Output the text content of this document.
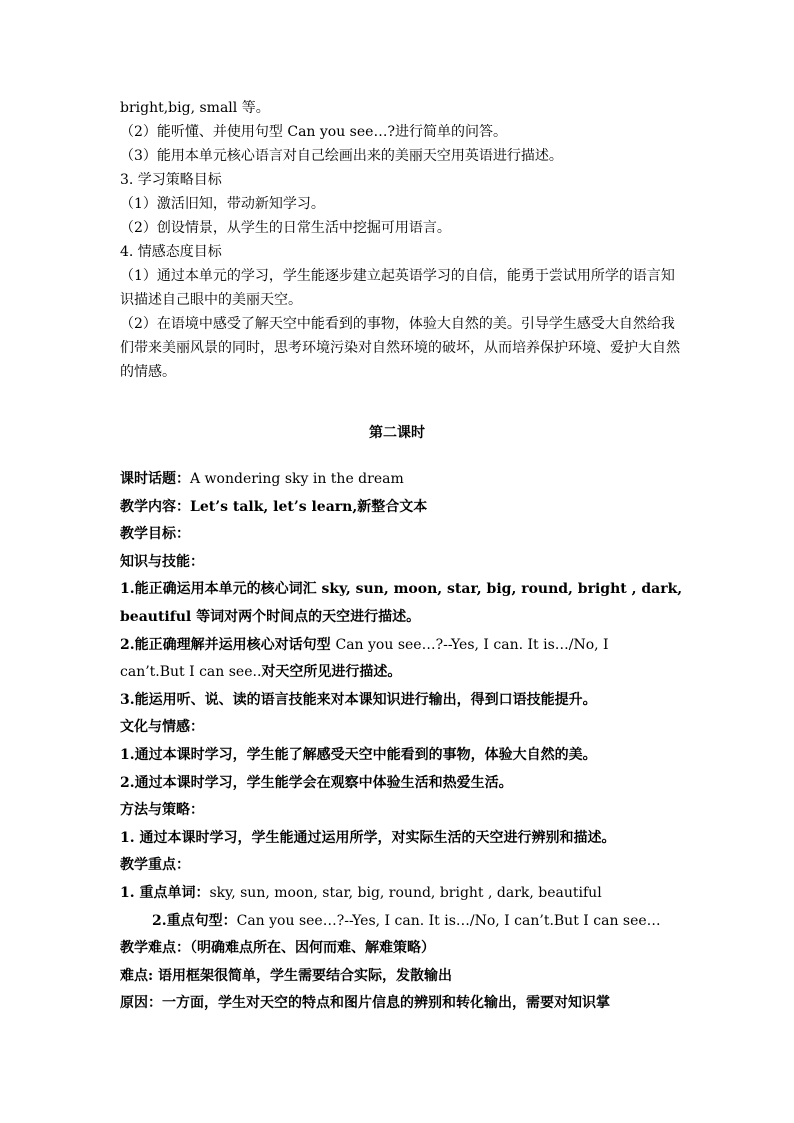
bright,big, small 等。
（2）能听懂、并使用句型 Can you see…?进行简单的问答。
（3）能用本单元核心语言对自己绘画出来的美丽天空用英语进行描述。
3. 学习策略目标
（1）激活旧知，带动新知学习。
（2）创设情景，从学生的日常生活中挖掘可用语言。
4. 情感态度目标
（1）通过本单元的学习，学生能逐步建立起英语学习的自信，能勇于尝试用所学的语言知识描述自己眼中的美丽天空。
（2）在语境中感受了解天空中能看到的事物，体验大自然的美。引导学生感受大自然给我们带来美丽风景的同时，思考环境污染对自然环境的破坏，从而培养保护环境、爱护大自然的情感。
第二课时
课时话题：A wondering sky in the dream
教学内容：Let’s talk, let’s learn,新整合文本
教学目标：
知识与技能：
1.能正确运用本单元的核心词汇 sky, sun, moon, star, big, round, bright , dark,
beautiful 等词对两个时间点的天空进行描述。
2.能正确理解并运用核心对话句型 Can you see…?--Yes, I can. It is…/No, I
can’t.But I can see..对天空所见进行描述。
3.能运用听、说、读的语言技能来对本课知识进行输出，得到口语技能提升。
文化与情感：
1.通过本课时学习，学生能了解感受天空中能看到的事物，体验大自然的美。
2.通过本课时学习，学生能学会在观察中体验生活和热爱生活。
方法与策略：
1. 通过本课时学习，学生能通过运用所学，对实际生活的天空进行辨别和描述。
教学重点：
1. 重点单词：sky, sun, moon, star, big, round, bright , dark, beautiful
2.重点句型：Can you see…?--Yes, I can. It is…/No, I can’t.But I can see…
教学难点：（明确难点所在、因何而难、解难策略）
难点: 语用框架很简单，学生需要结合实际，发散输出
原因：一方面，学生对天空的特点和图片信息的辨别和转化输出，需要对知识掌
